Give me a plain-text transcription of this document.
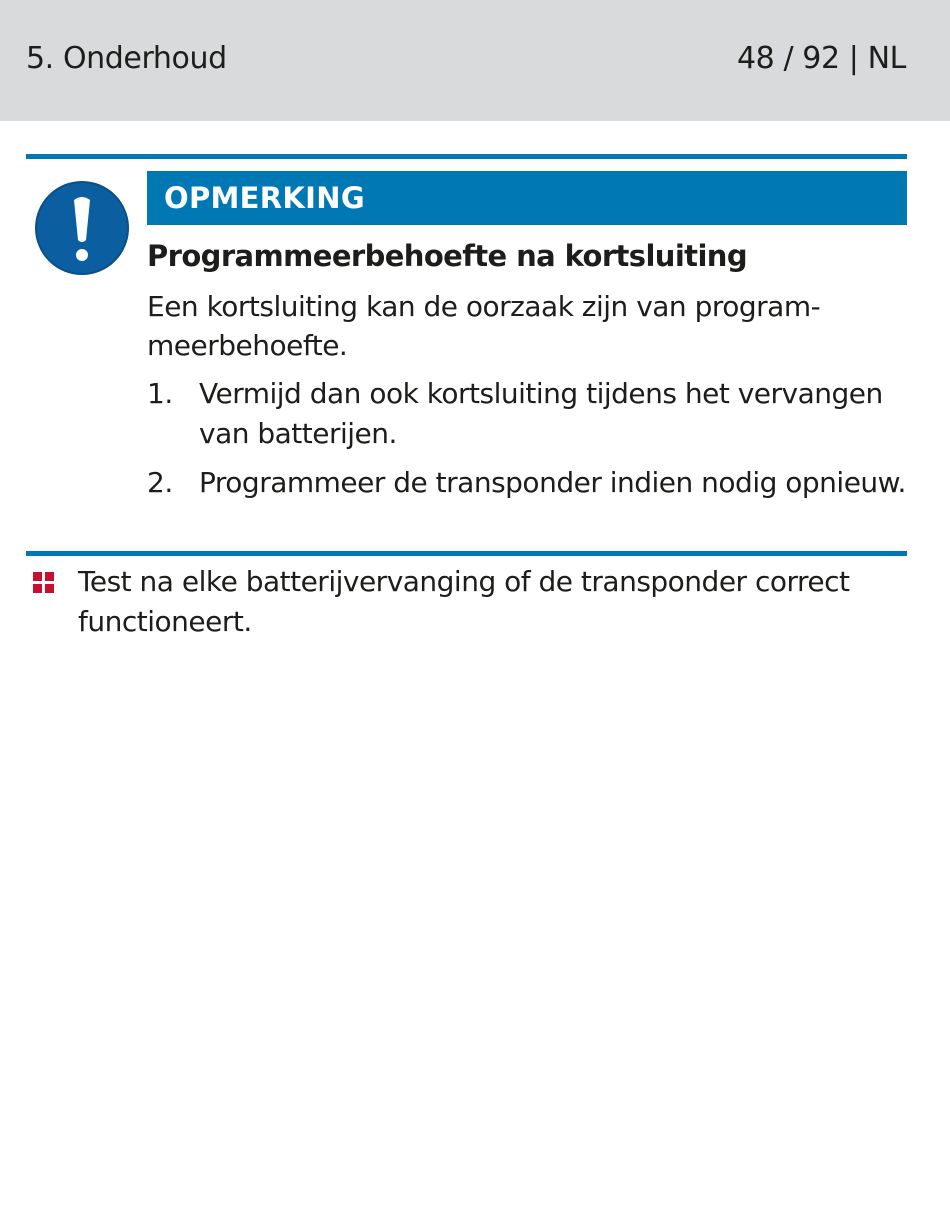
5. Onderhoud	48 / 92 | NL
OPMERKING
Programmeerbehoefte na kortsluiting
Een kortsluiting kan de oorzaak zijn van programmeerbehoefte.
1. Vermijd dan ook kortsluiting tijdens het vervangen van batterijen.
2. Programmeer de transponder indien nodig opnieuw.
Test na elke batterijvervanging of de transponder correct functioneert.
